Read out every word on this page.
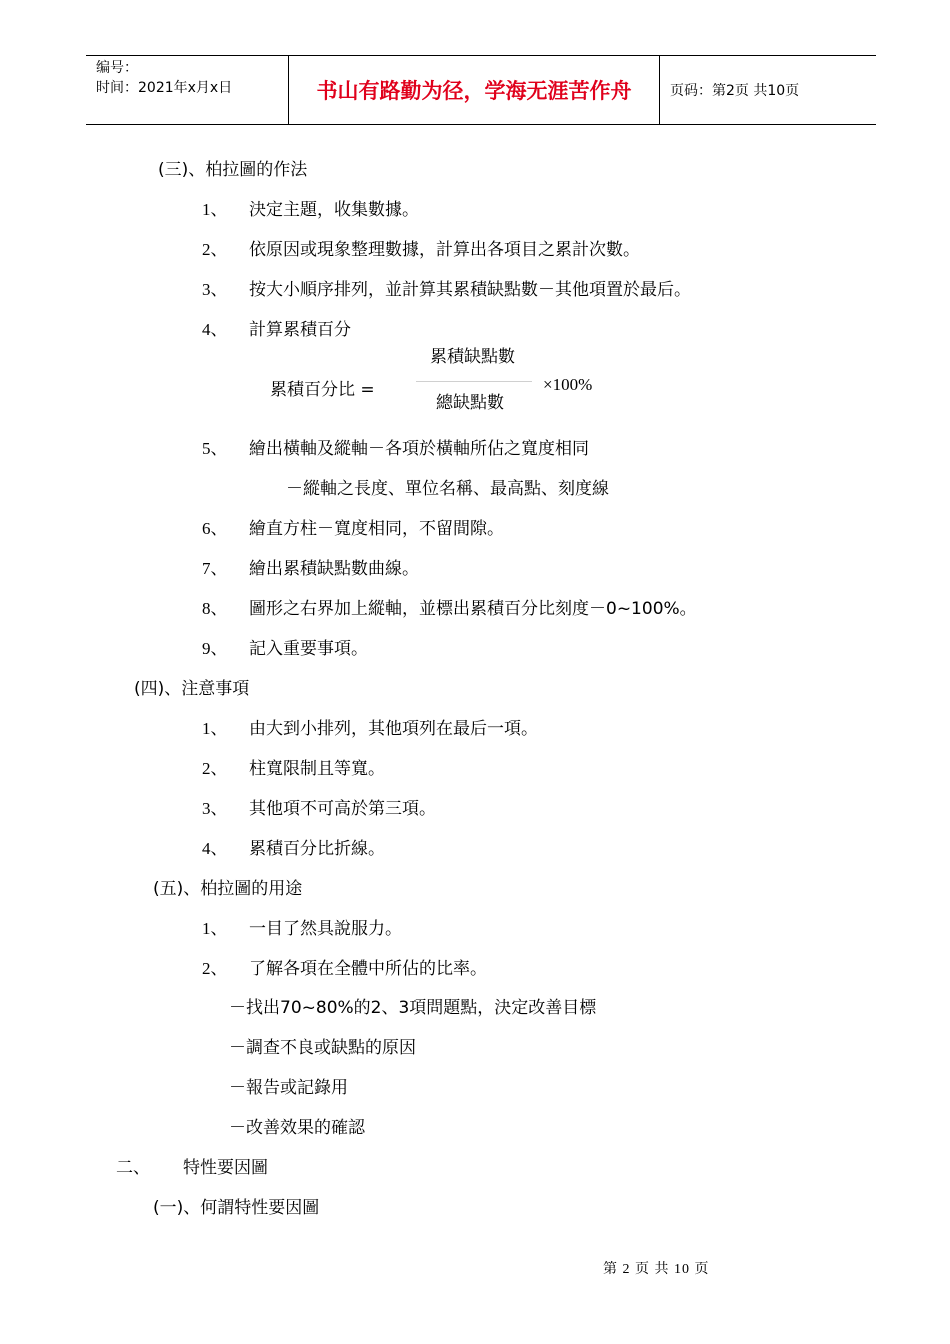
编号：
时间：2021年x月x日	书山有路勤为径，学海无涯苦作舟	页码：第2页 共10页
(三)、柏拉圖的作法
1、 決定主題，收集數據。
2、 依原因或現象整理數據，計算出各項目之累計次數。
3、 按大小順序排列，並計算其累積缺點數－其他項置於最后。
4、 計算累積百分
累積缺點數
總缺點數
累積百分比 =	×100%
5、 繪出橫軸及縱軸－各項於橫軸所佔之寬度相同
－縱軸之長度、單位名稱、最高點、刻度線
6、 繪直方柱－寬度相同，不留間隙。
7、 繪出累積缺點數曲線。
8、 圖形之右界加上縱軸，並標出累積百分比刻度－0~100%。
9、 記入重要事項。
(四)、注意事項
1、 由大到小排列，其他項列在最后一項。
2、 柱寬限制且等寬。
3、 其他項不可高於第三項。
4、 累積百分比折線。
(五)、柏拉圖的用途
1、 一目了然具說服力。
2、 了解各項在全體中所佔的比率。
－找出70~80%的2、3項問題點，決定改善目標
－調查不良或缺點的原因
－報告或記錄用
－改善效果的確認
二、 特性要因圖
(一)、何謂特性要因圖
第 2 页 共 10 页
